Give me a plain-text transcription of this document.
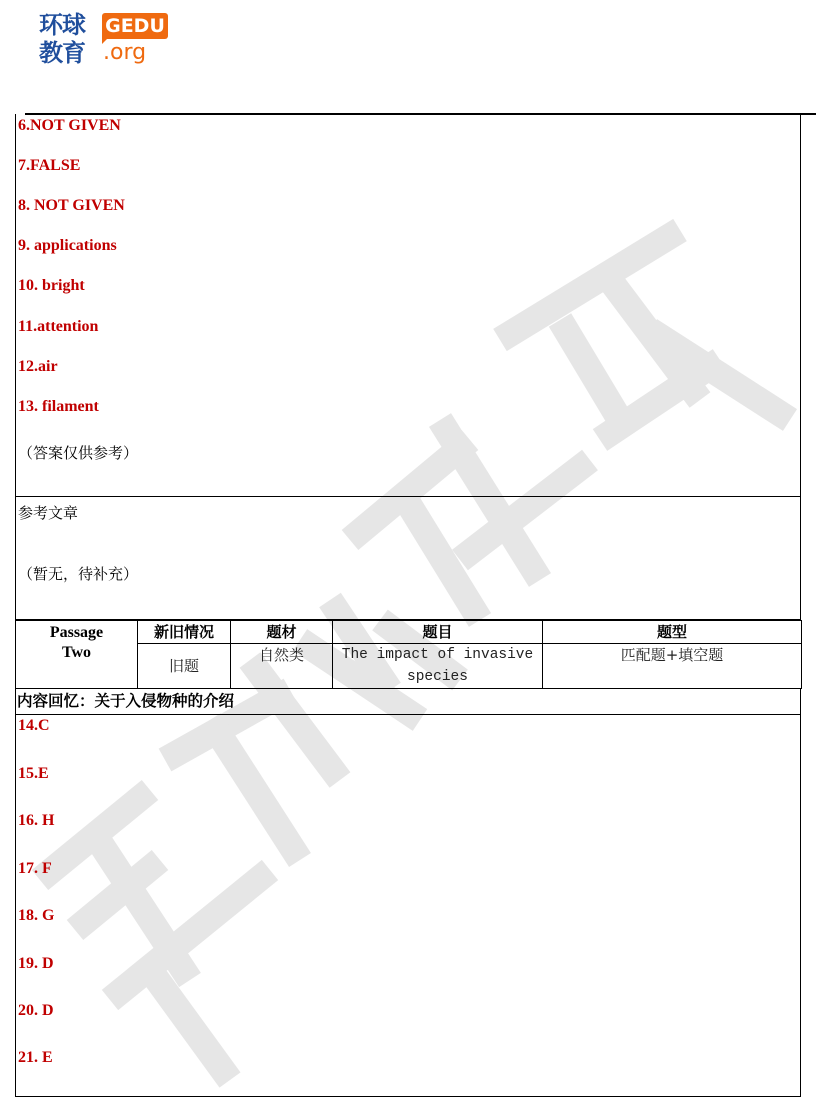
环球
教育
GEDU
.org
6.NOT GIVEN
7.FALSE
8. NOT GIVEN
9. applications
10. bright
11.attention
12.air
13. filament
（答案仅供参考）
参考文章
（暂无，待补充）
Passage
Two	新旧情况	题材	题目	题型
	旧题	自然类	The impact of invasive species	匹配题+填空题
内容回忆：关于入侵物种的介绍
14.C
15.E
16. H
17. F
18. G
19. D
20. D
21. E
